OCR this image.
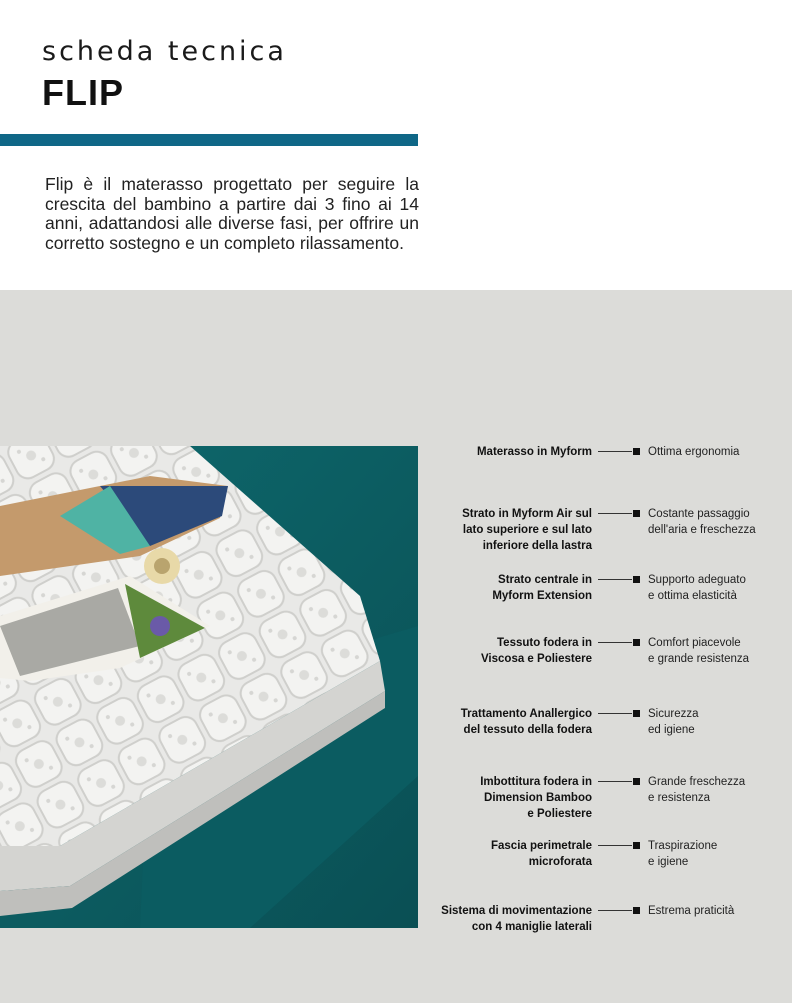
scheda tecnica
FLIP
Flip è il materasso progettato per seguire la
crescita del bambino a partire dai 3 fino ai 14
anni, adattandosi alle diverse fasi, per offrire un
corretto sostegno e un completo rilassamento.
Materasso in Myform	Ottima ergonomia
Strato in Myform Air sul
lato superiore e sul lato
inferiore della lastra
Costante passaggio
dell'aria e freschezza
Strato centrale in
Myform Extension
Supporto adeguato
e ottima elasticità
Tessuto fodera in
Viscosa e Poliestere
Comfort piacevole
e grande resistenza
Trattamento Anallergico
del tessuto della fodera
Sicurezza
ed igiene
Imbottitura fodera in
Dimension Bamboo
e Poliestere
Grande freschezza
e resistenza
Fascia perimetrale
microforata
Traspirazione
e igiene
Sistema di movimentazione
con 4 maniglie laterali
Estrema praticità
